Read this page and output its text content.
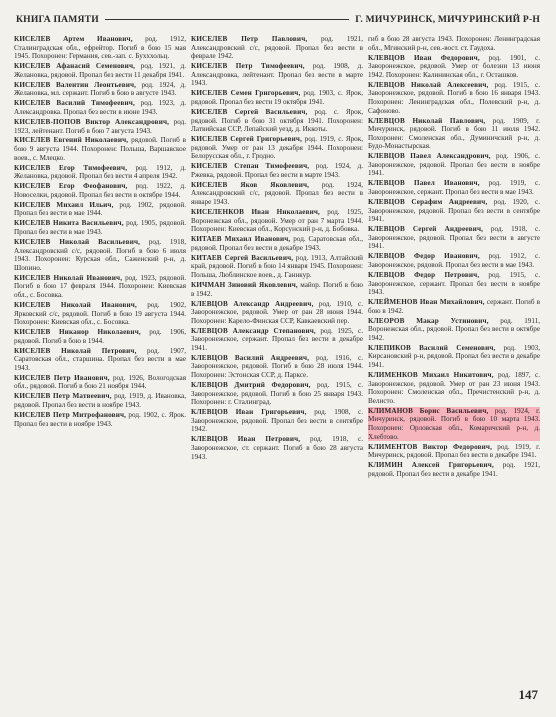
КНИГА ПАМЯТИ	Г. МИЧУРИНСК, МИЧУРИНСКИЙ Р-Н

КИСЕЛЕВ Артем Иванович, род. 1912, Сталинградская обл., ефрейтор. Погиб в бою 15 мая 1945. Похоронен: Германия, сев.-зап. с. Бухххольц.

КИСЕЛЕВ Афанасий Семенович, род. 1921, д. Желановка, рядовой. Пропал без вести 11 декабря 1941.

КИСЕЛЕВ Валентин Леонтьевич, род. 1924, д. Желановка, мл. сержант. Погиб в бою в августе 1943.

КИСЕЛЕВ Василий Тимофеевич, род. 1923, д. Александровка. Пропал без вести в июне 1943.

КИСЕЛЕВ-ПОПОВ Виктор Александрович, род. 1923, лейтенант. Погиб в бою 7 августа 1943.

КИСЕЛЕВ Евгений Николаевич, рядовой. Погиб в бою 9 августа 1944. Похоронен: Польша, Варшавское воев., с. Млецко.

КИСЕЛЕВ Егор Тимофеевич, род. 1912, д. Желановка, рядовой. Пропал без вести 4 апреля 1942.

КИСЕЛЕВ Егор Феофанович, род. 1922, д. Новоселки, рядовой. Пропал без вести в октябре 1944.

КИСЕЛЕВ Михаил Ильич, род. 1902, рядовой. Пропал без вести в мае 1944.

КИСЕЛЕВ Никита Васильевич, род. 1905, рядовой. Пропал без вести в мае 1943.

КИСЕЛЕВ Николай Васильевич, род. 1918, Александровский с/с, рядовой. Погиб в бою 6 июля 1943. Похоронен: Курская обл., Саженский р-н, д. Шопино.

КИСЕЛЕВ Николай Иванович, род. 1923, рядовой. Погиб в бою 17 февраля 1944. Похоронен: Киевская обл., с. Босовка.

КИСЕЛЕВ Николай Иванович, род. 1902, Ярковский с/с, рядовой. Погиб в бою 19 августа 1944. Похоронен: Киевская обл., с. Босовка.

КИСЕЛЕВ Никанор Николаевич, род. 1906, рядовой. Погиб в бою в 1944.

КИСЕЛЕВ Николай Петрович, род. 1907, Саратовская обл., старшина. Пропал без вести в мае 1943.

КИСЕЛЕВ Петр Иванович, род. 1926, Вологодская обл., рядовой. Погиб в бою 21 ноября 1944.

КИСЕЛЕВ Петр Матвеевич, род. 1919, д. Ивановка, рядовой. Пропал без вести в ноябре 1943.

КИСЕЛЕВ Петр Митрофанович, род. 1902, с. Ярок. Пропал без вести в ноябре 1943.

КИСЕЛЕВ Петр Павлович, род. 1921, Александровский с/с, рядовой. Пропал без вести в феврале 1942.

КИСЕЛЕВ Петр Тимофеевич, род. 1908, д. Александровка, лейтенант. Пропал без вести в марте 1943.

КИСЕЛЕВ Семен Григорьевич, род. 1903, с. Ярок, рядовой. Пропал без вести 19 октября 1941.

КИСЕЛЕВ Сергей Васильевич, род. с. Ярок, рядовой. Погиб в бою 31 октября 1941. Похоронен: Латвийская ССР, Лепайский уезд, д. Иккоты.

КИСЕЛЕВ Сергей Григорьевич, род. 1919, с. Ярок, рядовой. Умер от ран 13 декабря 1944. Похоронен: Белорусская обл., г. Гродно.

КИСЕЛЕВ Степан Тимофеевич, род. 1924, д. Ржевка, рядовой. Пропал без вести в марте 1943.

КИСЕЛЕВ Яков Яковлевич, род. 1924, Александровский с/с, рядовой. Пропал без вести в январе 1943.

КИСЕЛЕНКОВ Иван Николаевич, род. 1925, Воронежская обл., рядовой. Умер от ран 7 марта 1944. Похоронен: Киевская обл., Корсунский р-н, д. Бобовка.

КИТАЕВ Михаил Иванович, род. Саратовская обл., рядовой. Пропал без вести в декабре 1943.

КИТАЕВ Сергей Васильевич, род. 1913, Алтайский край, рядовой. Погиб в бою 14 января 1945. Похоронен: Польша, Люблинское воев., д. Ганнкур.

КИЧМАН Зиновий Яковлевич, майор. Погиб в бою в 1942.

КЛЕВЦОВ Александр Андреевич, род. 1910, с. Заворонежское, рядовой. Умер от ран 28 июня 1944. Похоронен: Карело-Финская ССР, Кавкаевский пер.

КЛЕВЦОВ Александр Степанович, род. 1925, с. Заворонежское, сержант. Пропал без вести в декабре 1941.

КЛЕВЦОВ Василий Андреевич, род. 1916, с. Заворонежское, рядовой. Погиб в бою 28 июля 1944. Похоронен: Эстонская ССР, д. Парксе.

КЛЕВЦОВ Дмитрий Федорович, род. 1915, с. Заворонежское, рядовой. Погиб в бою 25 января 1943. Похоронен: г. Сталинград.

КЛЕВЦОВ Иван Григорьевич, род. 1908, с. Заворонежское, рядовой. Пропал без вести в сентябре 1942.

КЛЕВЦОВ Иван Петрович, род. 1918, с. Заворонежское, ст. сержант. Погиб в бою 28 августа 1943.

гиб в бою 28 августа 1943. Похоронен: Ленинградская обл., Мгинский р-н, сев.-вост. ст. Гаудоха.

КЛЕВЦОВ Иван Федорович, род. 1901, с. Заворонежское, рядовой. Умер от болезни 13 июня 1942. Похоронен: Калининская обл., г. Осташков.

КЛЕВЦОВ Николай Алексеевич, род. 1915, с. Заворонежское, рядовой. Погиб в бою 16 января 1943. Похоронен: Ленинградская обл., Полевский р-н, д. Сафоново.

КЛЕВЦОВ Николай Павлович, род. 1909, г. Мичуринск, рядовой. Погиб в бою 11 июля 1942. Похоронен: Смоленская обл., Думиничский р-н, д. Будо-Монастырская.

КЛЕВЦОВ Павел Александрович, род. 1906, с. Заворонежское, рядовой. Пропал без вести в ноябре 1941.

КЛЕВЦОВ Павел Иванович, род. 1919, с. Заворонежское, сержант. Пропал без вести в мае 1943.

КЛЕВЦОВ Серафим Андреевич, род. 1920, с. Заворонежское, рядовой. Пропал без вести в сентябре 1941.

КЛЕВЦОВ Сергей Андреевич, род. 1918, с. Заворонежское, рядовой. Пропал без вести в августе 1941.

КЛЕВЦОВ Федор Иванович, род. 1912, с. Заворонежское, рядовой. Пропал без вести в мае 1943.

КЛЕВЦОВ Федор Петрович, род. 1915, с. Заворонежское, сержант. Пропал без вести в ноябре 1943.

КЛЕЙМЕНОВ Иван Михайлович, сержант. Погиб в бою в 1942.

КЛЕОРОВ Макар Устинович, род. 1911, Воронежская обл., рядовой. Пропал без вести в октябре 1942.

КЛЕПИКОВ Василий Семенович, род. 1903, Кирсановский р-н, рядовой. Пропал без вести в декабре 1941.

КЛИМЕНКОВ Михаил Никитович, род. 1897, с. Заворонежское, рядовой. Умер от ран 23 июня 1943. Похоронен: Смоленская обл., Пречистенский р-н, д. Велисто.

КЛИМАНОВ Борис Васильевич, род. 1924, г. Мичуринск, рядовой. Погиб в бою 10 марта 1943. Похоронен: Орловская обл., Комаричский р-н, д. Хлебтово.

КЛИМЕНТОВ Виктор Федорович, род. 1919, г. Мичуринск, рядовой. Пропал без вести в декабре 1941.

КЛИМИН Алексей Григорьевич, род. 1921, рядовой. Пропал без вести в декабре 1941.

147
